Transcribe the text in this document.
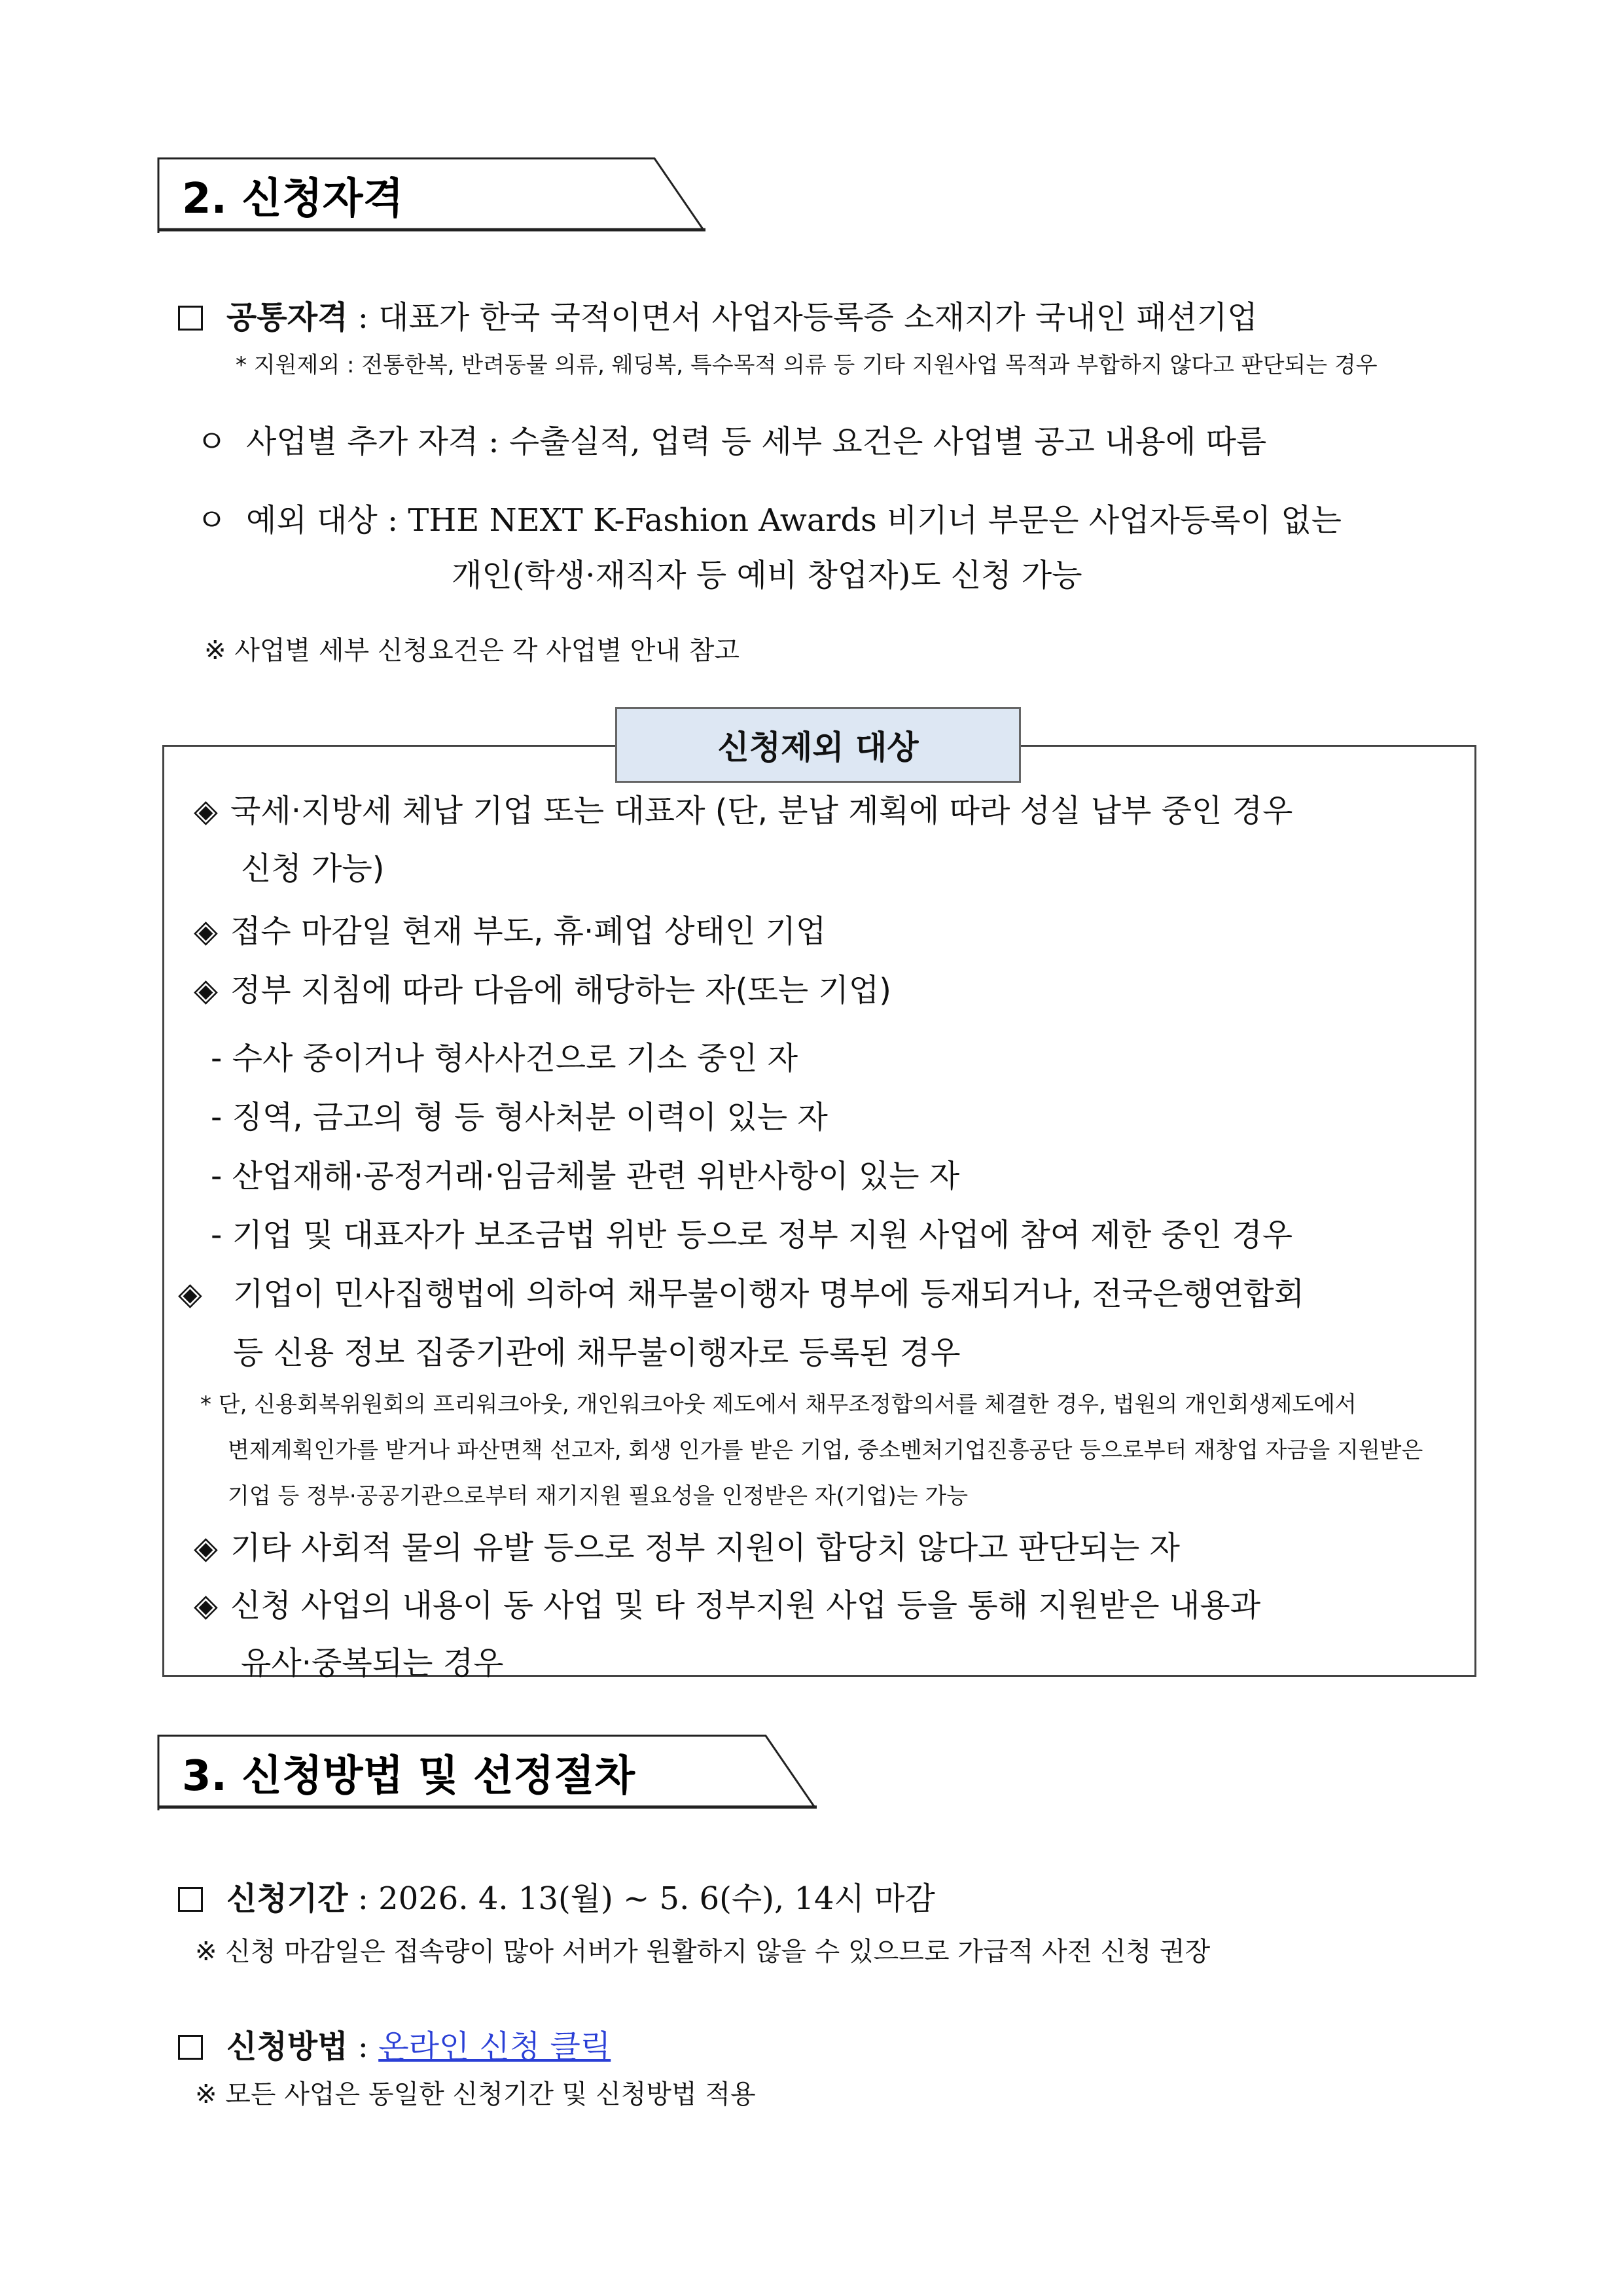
2. 신청자격
공통자격 : 대표가 한국 국적이면서 사업자등록증 소재지가 국내인 패션기업
* 지원제외 : 전통한복, 반려동물 의류, 웨딩복, 특수목적 의류 등 기타 지원사업 목적과 부합하지 않다고 판단되는 경우
ㅇ 사업별 추가 자격 : 수출실적, 업력 등 세부 요건은 사업별 공고 내용에 따름
ㅇ 예외 대상 : THE NEXT K-Fashion Awards 비기너 부문은 사업자등록이 없는
개인(학생·재직자 등 예비 창업자)도 신청 가능
※ 사업별 세부 신청요건은 각 사업별 안내 참고
신청제외 대상
◈ 국세·지방세 체납 기업 또는 대표자 (단, 분납 계획에 따라 성실 납부 중인 경우
신청 가능)
◈ 접수 마감일 현재 부도, 휴·폐업 상태인 기업
◈ 정부 지침에 따라 다음에 해당하는 자(또는 기업)
- 수사 중이거나 형사사건으로 기소 중인 자
- 징역, 금고의 형 등 형사처분 이력이 있는 자
- 산업재해·공정거래·임금체불 관련 위반사항이 있는 자
- 기업 및 대표자가 보조금법 위반 등으로 정부 지원 사업에 참여 제한 중인 경우
◈ 기업이 민사집행법에 의하여 채무불이행자 명부에 등재되거나, 전국은행연합회
등 신용 정보 집중기관에 채무불이행자로 등록된 경우
* 단, 신용회복위원회의 프리워크아웃, 개인워크아웃 제도에서 채무조정합의서를 체결한 경우, 법원의 개인회생제도에서
변제계획인가를 받거나 파산면책 선고자, 회생 인가를 받은 기업, 중소벤처기업진흥공단 등으로부터 재창업 자금을 지원받은
기업 등 정부·공공기관으로부터 재기지원 필요성을 인정받은 자(기업)는 가능
◈ 기타 사회적 물의 유발 등으로 정부 지원이 합당치 않다고 판단되는 자
◈ 신청 사업의 내용이 동 사업 및 타 정부지원 사업 등을 통해 지원받은 내용과
유사·중복되는 경우
3. 신청방법 및 선정절차
신청기간 : 2026. 4. 13(월) ~ 5. 6(수), 14시 마감
※ 신청 마감일은 접속량이 많아 서버가 원활하지 않을 수 있으므로 가급적 사전 신청 권장
신청방법 : 온라인 신청 클릭
※ 모든 사업은 동일한 신청기간 및 신청방법 적용
